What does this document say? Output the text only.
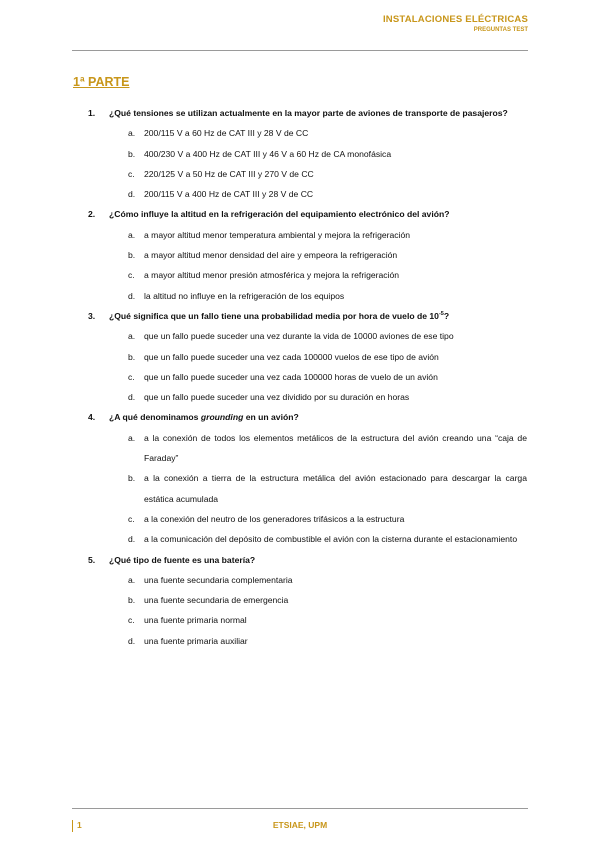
INSTALACIONES ELÉCTRICAS
PREGUNTAS TEST
1ª PARTE
1.	¿Qué tensiones se utilizan actualmente en la mayor parte de aviones de transporte de pasajeros?
a.	200/115 V a 60 Hz de CAT III y 28 V de CC
b.	400/230 V a 400 Hz de CAT III y 46 V a 60 Hz de CA monofásica
c.	220/125 V a 50 Hz de CAT III y 270 V de CC
d.	200/115 V a 400 Hz de CAT III y 28 V de CC
2.	¿Cómo influye la altitud en la refrigeración del equipamiento electrónico del avión?
a.	a mayor altitud menor temperatura ambiental y mejora la refrigeración
b.	a mayor altitud menor densidad del aire y empeora la refrigeración
c.	a mayor altitud menor presión atmosférica y mejora la refrigeración
d.	la altitud no influye en la refrigeración de los equipos
3.	¿Qué significa que un fallo tiene una probabilidad media por hora de vuelo de $10^{-5}$?
a.	que un fallo puede suceder una vez durante la vida de 10000 aviones de ese tipo
b.	que un fallo puede suceder una vez cada 100000 vuelos de ese tipo de avión
c.	que un fallo puede suceder una vez cada 100000 horas de vuelo de un avión
d.	que un fallo puede suceder una vez dividido por su duración en horas
4.	¿A qué denominamos grounding en un avión?
a.	a la conexión de todos los elementos metálicos de la estructura del avión creando una “caja de Faraday”
b.	a la conexión a tierra de la estructura metálica del avión estacionado para descargar la carga estática acumulada
c.	a la conexión del neutro de los generadores trifásicos a la estructura
d.	a la comunicación del depósito de combustible el avión con la cisterna durante el estacionamiento
5.	¿Qué tipo de fuente es una batería?
a.	una fuente secundaria complementaria
b.	una fuente secundaria de emergencia
c.	una fuente primaria normal
d.	una fuente primaria auxiliar
1	ETSIAE, UPM
